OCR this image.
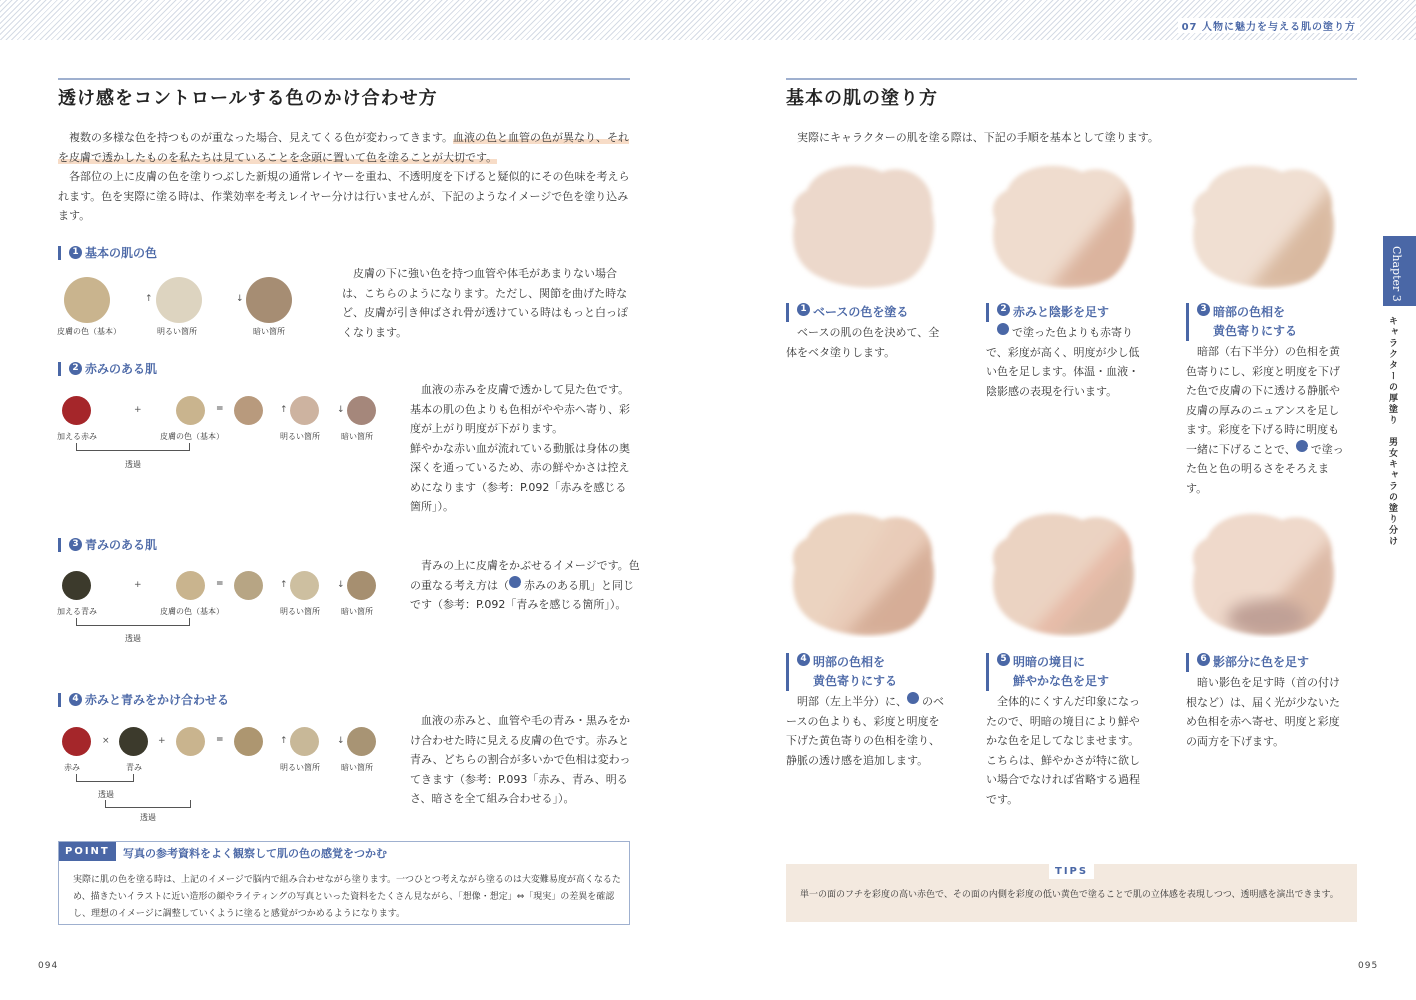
07 人物に魅力を与える肌の塗り方
透け感をコントロールする色のかけ合わせ方
複数の多様な色を持つものが重なった場合、見えてくる色が変わってきます。血液の色と血管の色が異なり、それを皮膚で透かしたものを私たちは見ていることを念頭に置いて色を塗ることが大切です。
各部位の上に皮膚の色を塗りつぶした新規の通常レイヤーを重ね、不透明度を下げると疑似的にその色味を考えられます。色を実際に塗る時は、作業効率を考えレイヤー分けは行いませんが、下記のようなイメージで色を塗り込みます。
1 基本の肌の色
↑	↓
皮膚の色（基本）	明るい箇所	暗い箇所
皮膚の下に強い色を持つ血管や体毛があまりない場合は、こちらのようになります。ただし、関節を曲げた時など、皮膚が引き伸ばされ骨が透けている時はもっと白っぽくなります。
2 赤みのある肌
+	=	↑	↓
加える赤み	皮膚の色（基本）	明るい箇所	暗い箇所
透過
血液の赤みを皮膚で透かして見た色です。基本の肌の色よりも色相がやや赤へ寄り、彩度が上がり明度が下がります。
鮮やかな赤い血が流れている動脈は身体の奥深くを通っているため、赤の鮮やかさは控えめになります（参考：P.092「赤みを感じる箇所」）。
3 青みのある肌
+	=	↑	↓
加える青み	皮膚の色（基本）	明るい箇所	暗い箇所
透過
青みの上に皮膚をかぶせるイメージです。色の重なる考え方は（ 2赤みのある肌」と同じです（参考：P.092「青みを感じる箇所」）。
4 赤みと青みをかけ合わせる
×	+	=	↑	↓
赤み	青み	明るい箇所	暗い箇所
透過
透過
血液の赤みと、血管や毛の青み・黒みをかけ合わせた時に見える皮膚の色です。赤みと青み、どちらの割合が多いかで色相は変わってきます（参考：P.093「赤み、青み、明るさ、暗さを全て組み合わせる」）。
POINT	写真の参考資料をよく観察して肌の色の感覚をつかむ
実際に肌の色を塗る時は、上記のイメージで脳内で組み合わせながら塗ります。一つひとつ考えながら塗るのは大変難易度が高くなるため、描きたいイラストに近い造形の顔やライティングの写真といった資料をたくさん見ながら、「想像・想定」⇔「現実」の差異を確認し、理想のイメージに調整していくように塗ると感覚がつかめるようになります。
094
基本の肌の塗り方
実際にキャラクターの肌を塗る際は、下記の手順を基本として塗ります。
1 ベースの色を塗る
ベースの肌の色を決めて、全体をベタ塗りします。
2 赤みと陰影を足す
1で塗った色よりも赤寄りで、彩度が高く、明度が少し低い色を足します。体温・血液・陰影感の表現を行います。
3 暗部の色相を
黄色寄りにする
暗部（右下半分）の色相を黄色寄りにし、彩度と明度を下げた色で皮膚の下に透ける静脈や皮膚の厚みのニュアンスを足します。彩度を下げる時に明度も一緒に下げることで、 2で塗った色と色の明るさをそろえます。
4 明部の色相を
黄色寄りにする
明部（左上半分）に、 1のベースの色よりも、彩度と明度を下げた黄色寄りの色相を塗り、静脈の透け感を追加します。
5 明暗の境目に
鮮やかな色を足す
全体的にくすんだ印象になったので、明暗の境目により鮮やかな色を足してなじませます。こちらは、鮮やかさが特に欲しい場合でなければ省略する過程です。
6 影部分に色を足す
暗い影色を足す時（首の付け根など）は、届く光が少ないため色相を赤へ寄せ、明度と彩度の両方を下げます。
TIPS
単一の面のフチを彩度の高い赤色で、その面の内側を彩度の低い黄色で塗ることで肌の立体感を表現しつつ、透明感を演出できます。
Chapter 3
キャラクターの厚塗り　男女キャラの塗り分け
095
